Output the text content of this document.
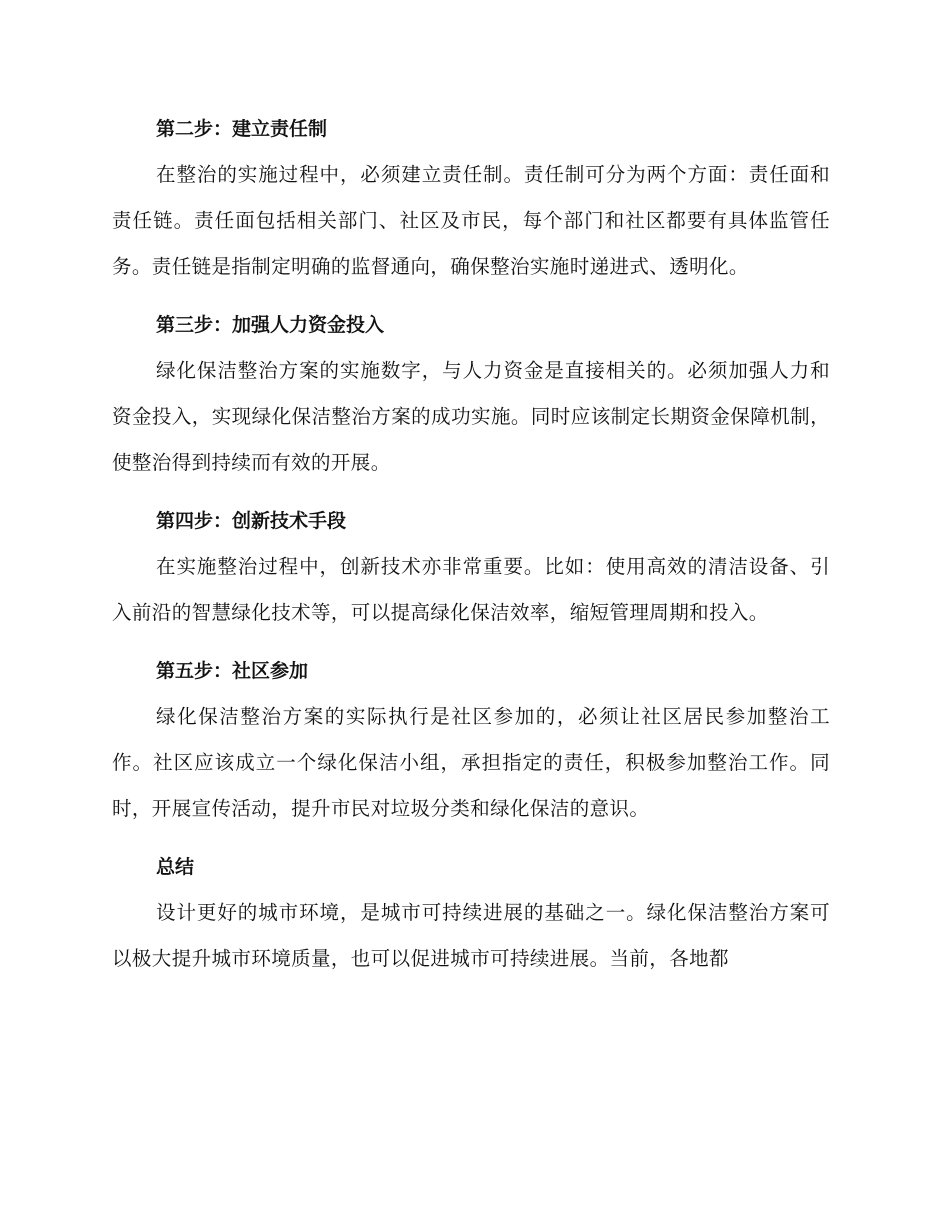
第二步：建立责任制

在整治的实施过程中，必须建立责任制。责任制可分为两个方面：责任面和责任链。责任面包括相关部门、社区及市民，每个部门和社区都要有具体监管任务。责任链是指制定明确的监督通向，确保整治实施时递进式、透明化。

第三步：加强人力资金投入

绿化保洁整治方案的实施数字，与人力资金是直接相关的。必须加强人力和资金投入，实现绿化保洁整治方案的成功实施。同时应该制定长期资金保障机制，使整治得到持续而有效的开展。

第四步：创新技术手段

在实施整治过程中，创新技术亦非常重要。比如：使用高效的清洁设备、引入前沿的智慧绿化技术等，可以提高绿化保洁效率，缩短管理周期和投入。

第五步：社区参加

绿化保洁整治方案的实际执行是社区参加的，必须让社区居民参加整治工作。社区应该成立一个绿化保洁小组，承担指定的责任，积极参加整治工作。同时，开展宣传活动，提升市民对垃圾分类和绿化保洁的意识。

总结

设计更好的城市环境，是城市可持续进展的基础之一。绿化保洁整治方案可以极大提升城市环境质量，也可以促进城市可持续进展。当前，各地都
